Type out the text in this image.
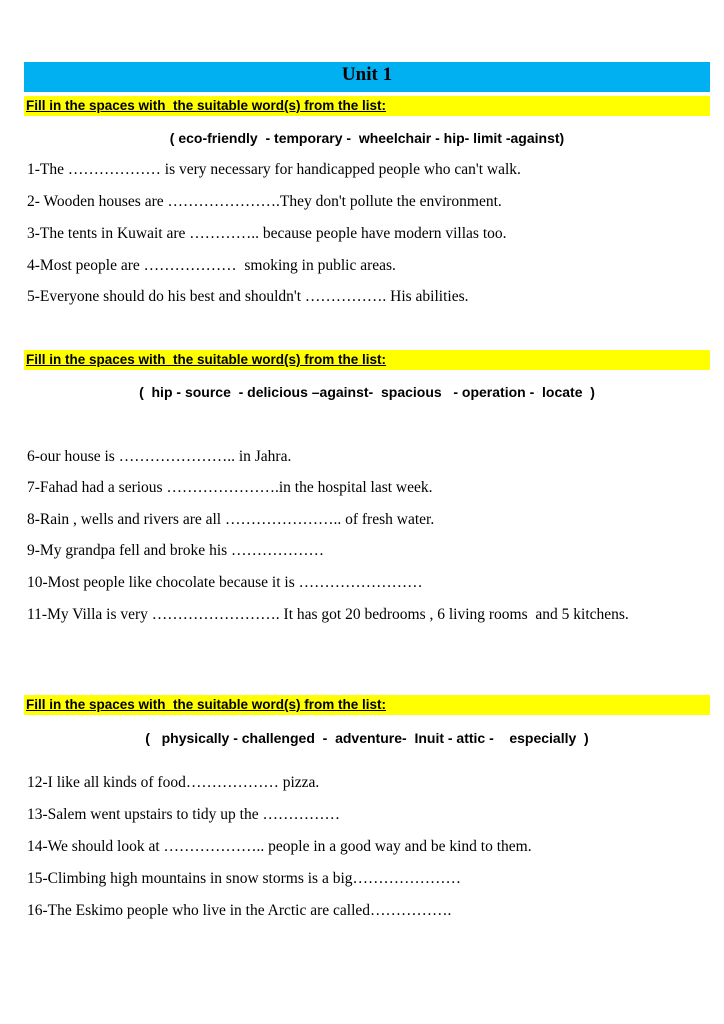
Unit 1
Fill in the spaces with  the suitable word(s) from the list:
( eco-friendly  - temporary -  wheelchair - hip- limit -against)
1-The ……………… is very necessary for handicapped people who can't walk.
2- Wooden houses are ………………….They don't pollute the environment.
3-The tents in Kuwait are ………….. because people have modern villas too.
4-Most people are ………………  smoking in public areas.
5-Everyone should do his best and shouldn't ……………. His abilities.
Fill in the spaces with  the suitable word(s) from the list:
(  hip - source  - delicious –against-  spacious   - operation -  locate  )
6-our house is ………………….. in Jahra.
7-Fahad had a serious ………………….in the hospital last week.
8-Rain , wells and rivers are all ………………….. of fresh water.
9-My grandpa fell and broke his ………………
10-Most people like chocolate because it is ……………………
11-My Villa is very ……………………. It has got 20 bedrooms , 6 living rooms  and 5 kitchens.
Fill in the spaces with  the suitable word(s) from the list:
(   physically - challenged  -  adventure-  Inuit - attic -    especially  )
12-I like all kinds of food……………… pizza.
13-Salem went upstairs to tidy up the ……………
14-We should look at ……………….. people in a good way and be kind to them.
15-Climbing high mountains in snow storms is a big…………………
16-The Eskimo people who live in the Arctic are called…………….
